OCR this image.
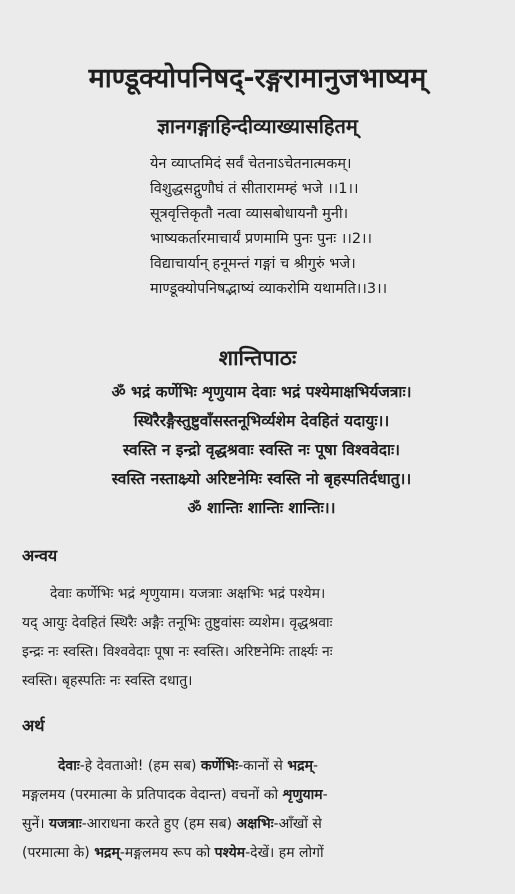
माण्डूक्योपनिषद्-रङ्गरामानुजभाष्यम्
ज्ञानगङ्गाहिन्दीव्याख्यासहितम्
येन व्याप्तमिदं सर्वं चेतनाऽचेतनात्मकम्।
विशुद्धसद्गुणौघं तं सीतारामम्हं भजे ।।1।।
सूत्रवृत्तिकृतौ नत्वा व्यासबोधायनौ मुनी।
भाष्यकर्तारमाचार्यं प्रणमामि पुनः पुनः ।।2।।
विद्याचार्यान् हनूमन्तं गङ्गां च श्रीगुरुं भजे।
माण्डूक्योपनिषद्भाष्यं व्याकरोमि यथामति।।3।।
शान्तिपाठः
ॐ भद्रं कर्णेभिः शृणुयाम देवाः भद्रं पश्येमाक्षभिर्यजत्राः।
स्थिरैरङ्गैस्तुष्टुवाँसस्तनूभिर्व्यशेम देवहितं यदायुः।।
स्वस्ति न इन्द्रो वृद्धश्रवाः स्वस्ति नः पूषा विश्ववेदाः।
स्वस्ति नस्ताक्ष्र्यो अरिष्टनेमिः स्वस्ति नो बृहस्पतिर्दधातु।।
ॐ शान्तिः शान्तिः शान्तिः।।
अन्वय
देवाः कर्णेभिः भद्रं शृणुयाम। यजत्राः अक्षभिः भद्रं पश्येम।
यद् आयुः देवहितं स्थिरैः अङ्गैः तनूभिः तुष्टुवांसः व्यशेम। वृद्धश्रवाः
इन्द्रः नः स्वस्ति। विश्ववेदाः पूषा नः स्वस्ति। अरिष्टनेमिः तार्क्ष्यः नः
स्वस्ति। बृहस्पतिः नः स्वस्ति दधातु।
अर्थ
देवाः-हे देवताओ! (हम सब) कर्णेभिः-कानों से भद्रम्-
मङ्गलमय (परमात्मा के प्रतिपादक वेदान्त) वचनों को शृणुयाम-
सुनें। यजत्राः-आराधना करते हुए (हम सब) अक्षभिः-आँखों से
(परमात्मा के) भद्रम्-मङ्गलमय रूप को पश्येम-देखें। हम लोगों
